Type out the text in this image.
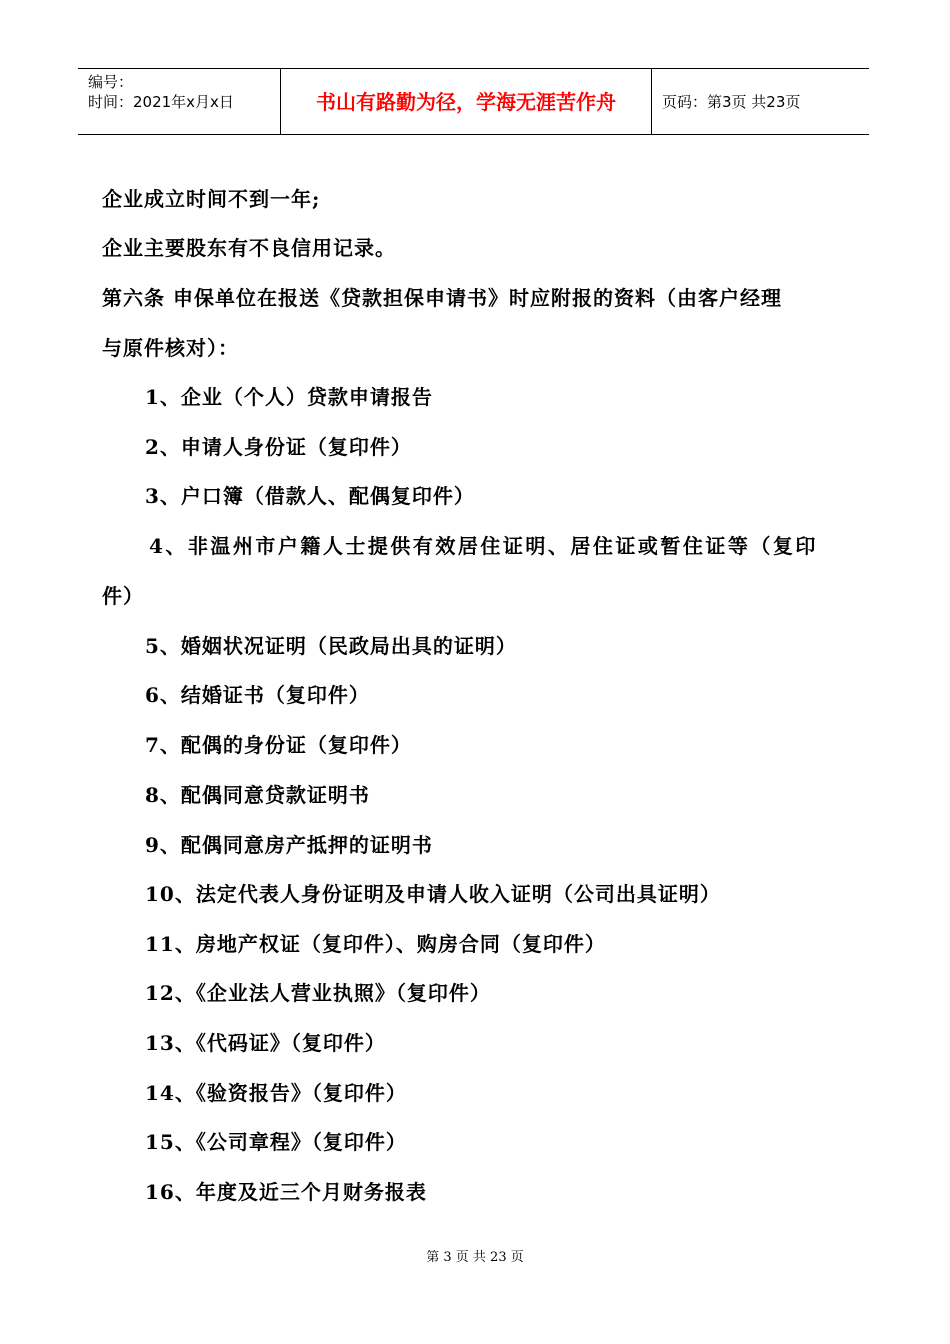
编号：
时间：2021年x月x日	书山有路勤为径，学海无涯苦作舟	页码：第3页 共23页
企业成立时间不到一年;
企业主要股东有不良信用记录。
第六条 申保单位在报送《贷款担保申请书》时应附报的资料（由客户经理
与原件核对）：
1、企业（个人）贷款申请报告
2、申请人身份证（复印件）
3、户口簿（借款人、配偶复印件）
4、非温州市户籍人士提供有效居住证明、居住证或暂住证等（复印
件）
5、婚姻状况证明（民政局出具的证明）
6、结婚证书（复印件）
7、配偶的身份证（复印件）
8、配偶同意贷款证明书
9、配偶同意房产抵押的证明书
10、法定代表人身份证明及申请人收入证明（公司出具证明）
11、房地产权证（复印件）、购房合同（复印件）
12、《企业法人营业执照》（复印件）
13、《代码证》（复印件）
14、《验资报告》（复印件）
15、《公司章程》（复印件）
16、年度及近三个月财务报表
第 3 页 共 23 页
